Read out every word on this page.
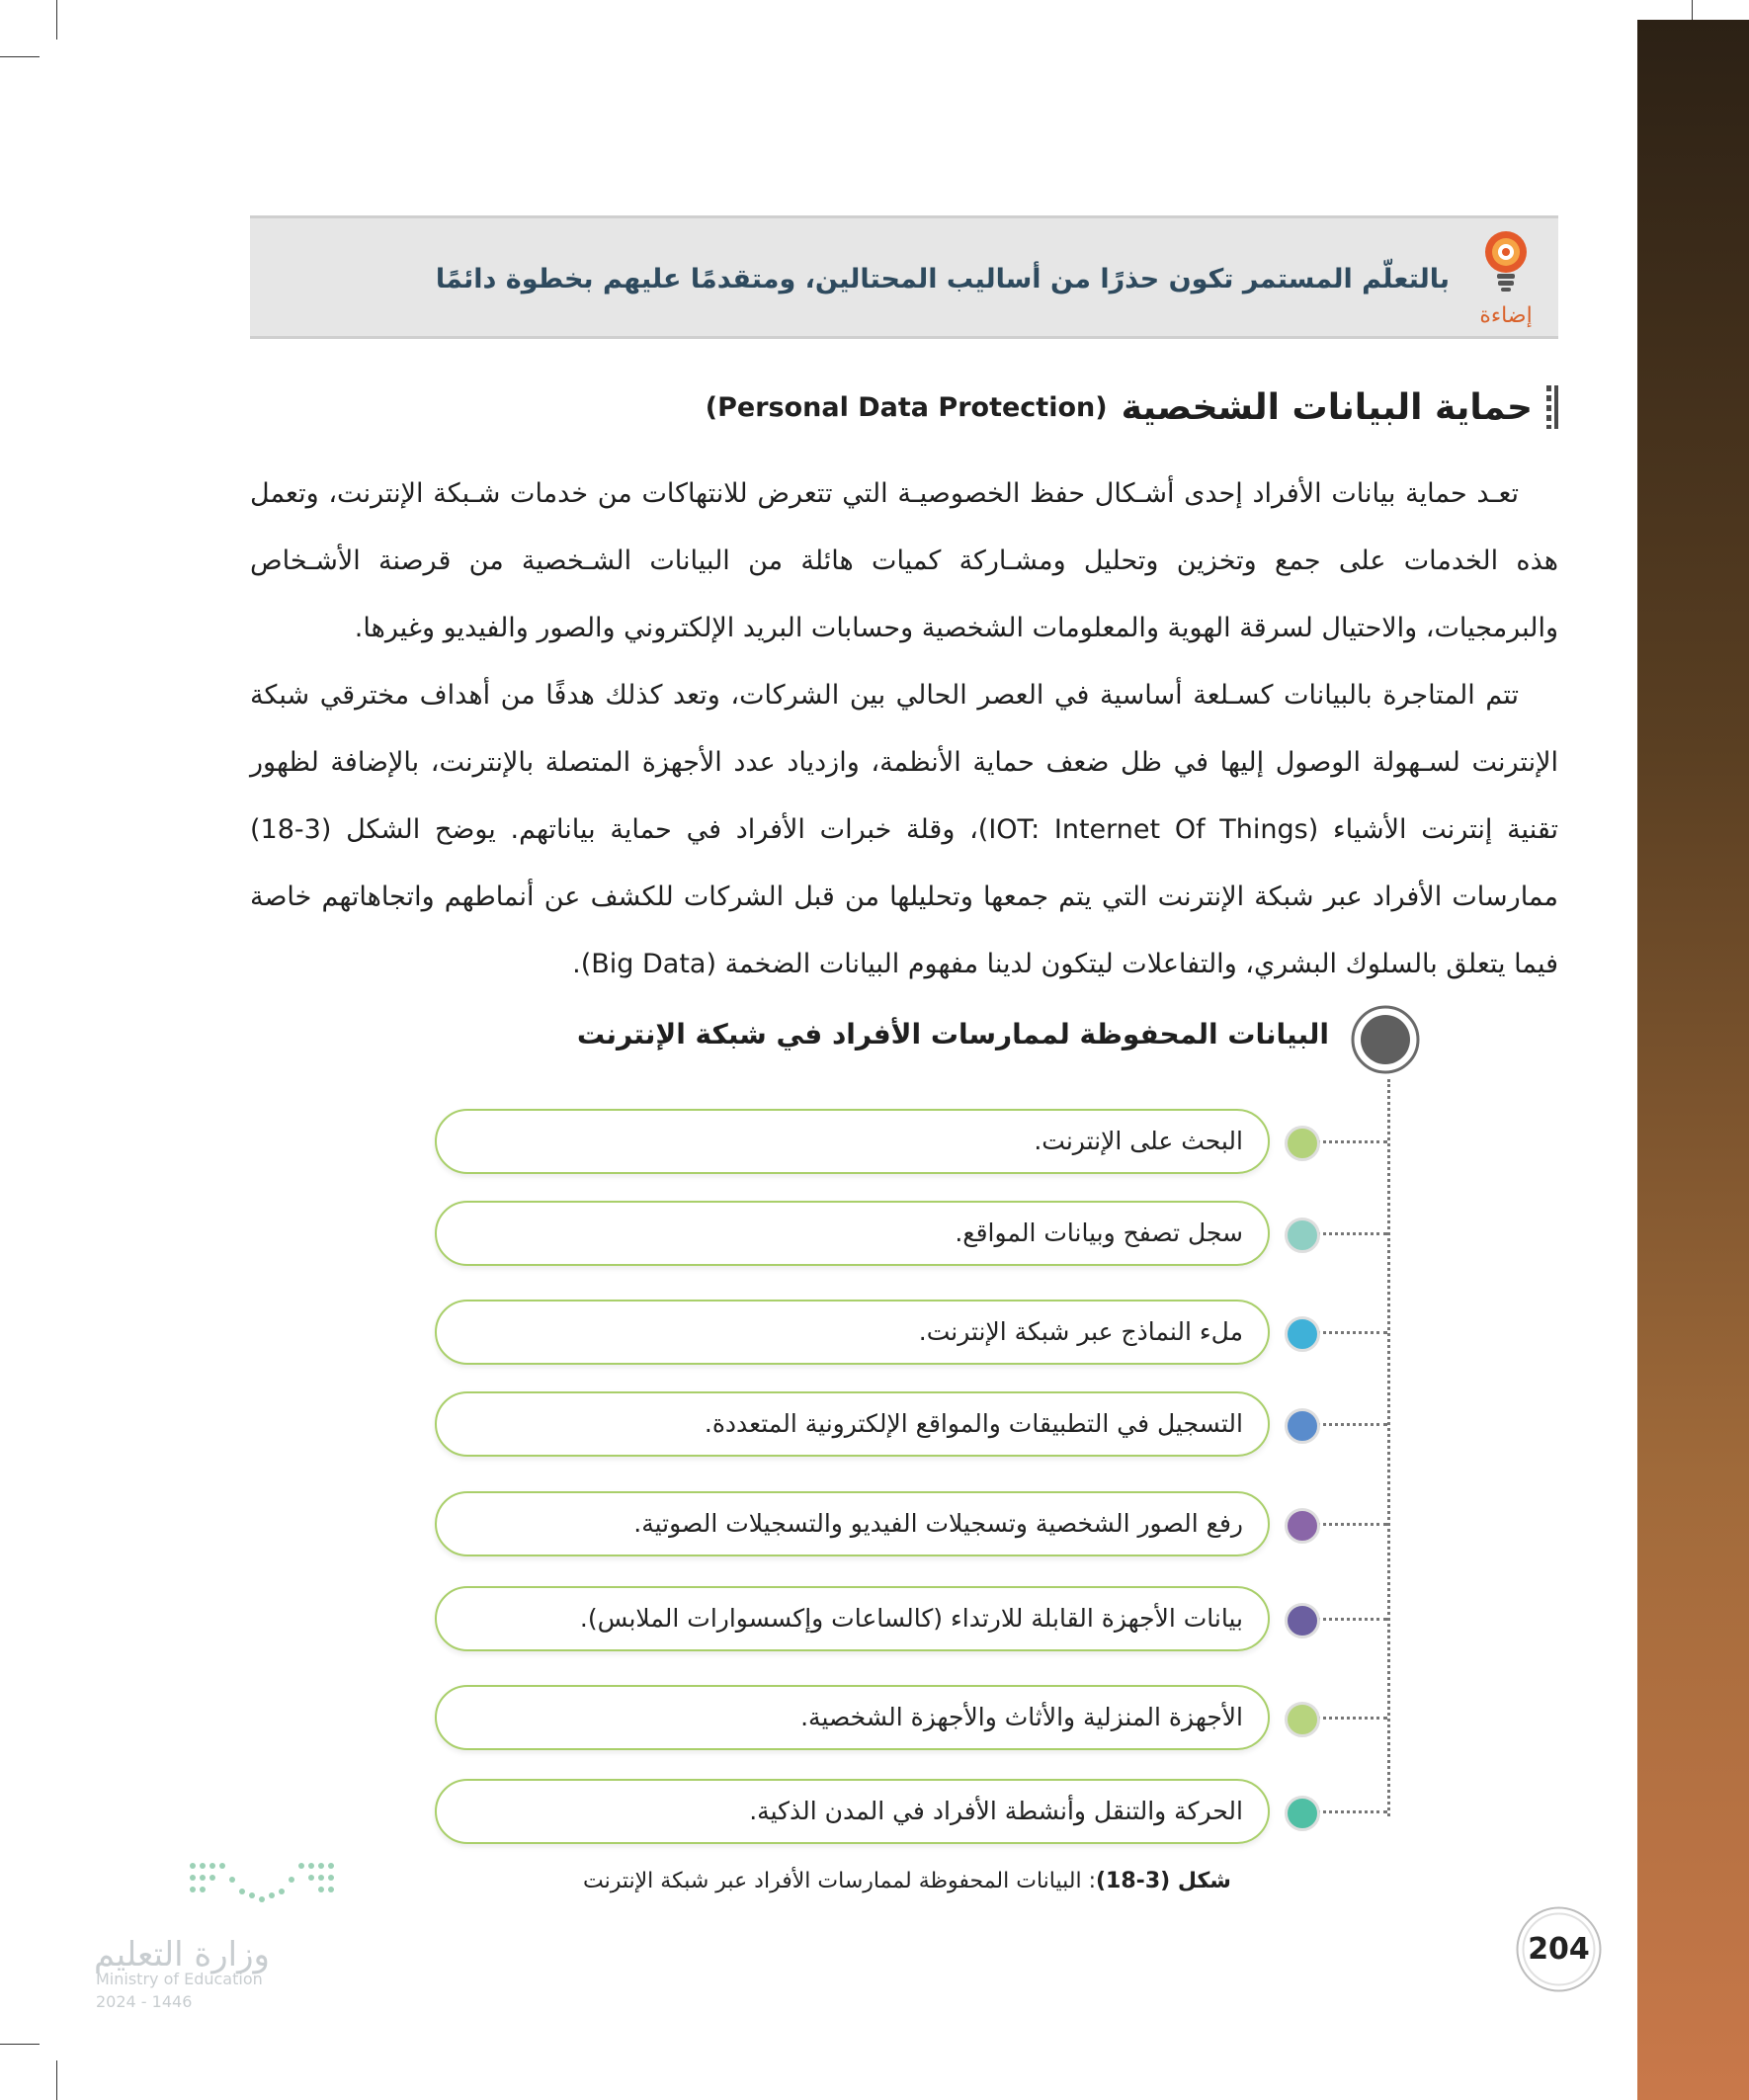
إضاءة
بالتعلّم المستمر تكون حذرًا من أساليب المحتالين، ومتقدمًا عليهم بخطوة دائمًا
حماية البيانات الشخصية
(Personal Data Protection)

تعـد حماية بيانات الأفراد إحدى أشـكال حفظ الخصوصيـة التي تتعرض للانتهاكات من خدمات شـبكة الإنترنت، وتعمل هذه الخدمات على جمع وتخزين وتحليل ومشـاركة كميات هائلة من البيانات الشـخصية من قرصنة الأشـخاص والبرمجيات، والاحتيال لسرقة الهوية والمعلومات الشخصية وحسابات البريد الإلكتروني والصور والفيديو وغيرها.

تتم المتاجرة بالبيانات كسـلعة أساسية في العصر الحالي بين الشركات، وتعد كذلك هدفًا من أهداف مخترقي شبكة الإنترنت لسـهولة الوصول إليها في ظل ضعف حماية الأنظمة، وازدياد عدد الأجهزة المتصلة بالإنترنت، بالإضافة لظهور تقنية إنترنت الأشياء (IOT: Internet Of Things)، وقلة خبرات الأفراد في حماية بياناتهم. يوضح الشكل (3-18) ممارسات الأفراد عبر شبكة الإنترنت التي يتم جمعها وتحليلها من قبل الشركات للكشف عن أنماطهم واتجاهاتهم خاصة فيما يتعلق بالسلوك البشري، والتفاعلات ليتكون لدينا مفهوم البيانات الضخمة (Big Data).

البيانات المحفوظة لممارسات الأفراد في شبكة الإنترنت
البحث على الإنترنت.
سجل تصفح وبيانات المواقع.
ملء النماذج عبر شبكة الإنترنت.
التسجيل في التطبيقات والمواقع الإلكترونية المتعددة.
رفع الصور الشخصية وتسجيلات الفيديو والتسجيلات الصوتية.
بيانات الأجهزة القابلة للارتداء (كالساعات وإكسسوارات الملابس).
الأجهزة المنزلية والأثاث والأجهزة الشخصية.
الحركة والتنقل وأنشطة الأفراد في المدن الذكية.
شكل (3-18): البيانات المحفوظة لممارسات الأفراد عبر شبكة الإنترنت
204
وزارة التعليم
Ministry of Education
2024 - 1446
